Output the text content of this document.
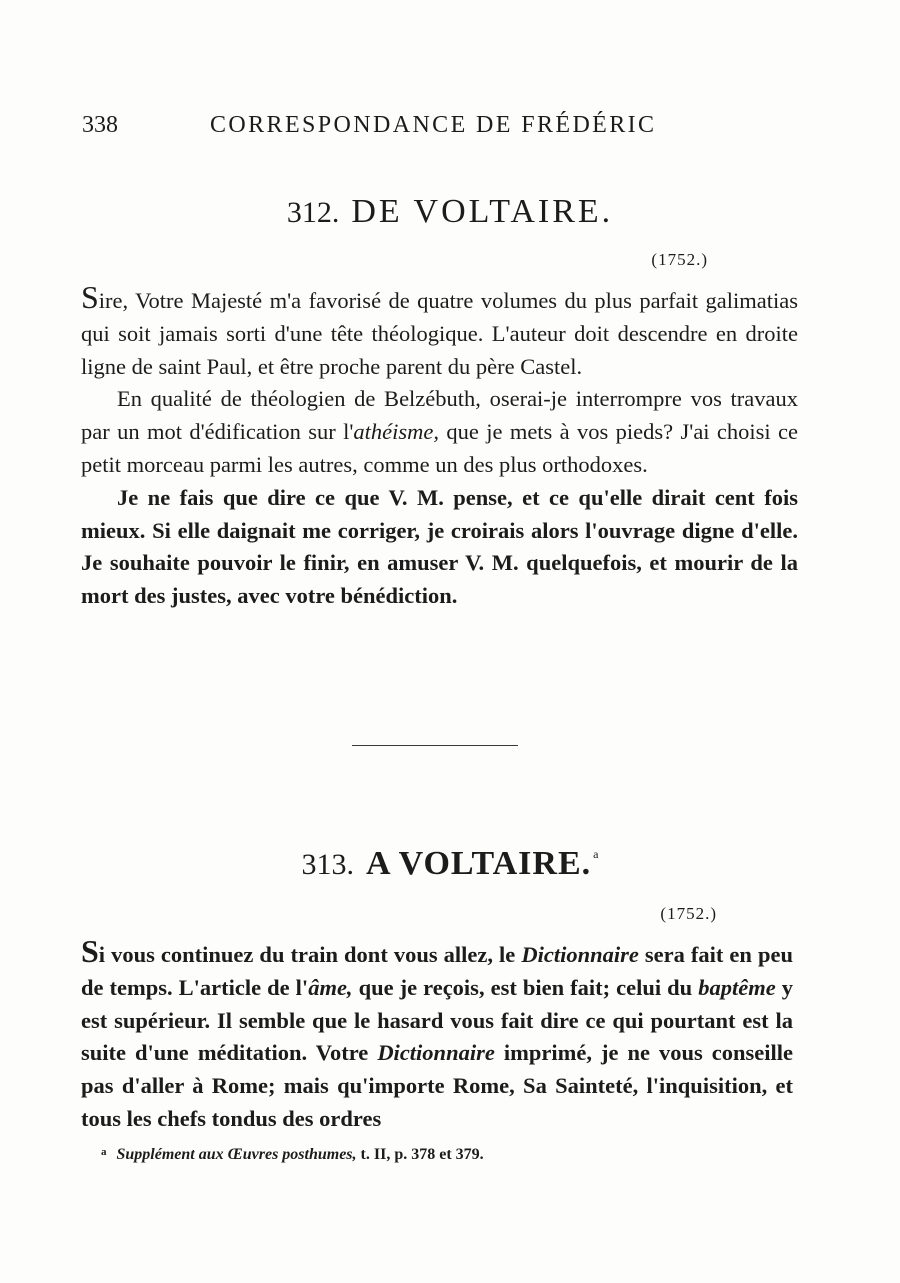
338	CORRESPONDANCE DE FRÉDÉRIC
312. DE VOLTAIRE.
(1752.)

Sire, Votre Majesté m'a favorisé de quatre volumes du plus parfait galimatias qui soit jamais sorti d'une tête théologique. L'auteur doit descendre en droite ligne de saint Paul, et être proche parent du père Castel.

En qualité de théologien de Belzébuth, oserai-je interrompre vos travaux par un mot d'édification sur l'athéisme, que je mets à vos pieds? J'ai choisi ce petit morceau parmi les autres, comme un des plus orthodoxes.

Je ne fais que dire ce que V. M. pense, et ce qu'elle dirait cent fois mieux. Si elle daignait me corriger, je croirais alors l'ouvrage digne d'elle. Je souhaite pouvoir le finir, en amuser V. M. quelquefois, et mourir de la mort des justes, avec votre bénédiction.

313. A VOLTAIRE. $^a$
(1752.)

Si vous continuez du train dont vous allez, le Dictionnaire sera fait en peu de temps. L'article de l'âme, que je reçois, est bien fait; celui du baptême y est supérieur. Il semble que le hasard vous fait dire ce qui pourtant est la suite d'une méditation. Votre Dictionnaire imprimé, je ne vous conseille pas d'aller à Rome; mais qu'importe Rome, Sa Sainteté, l'inquisition, et tous les chefs tondus des ordres

$^a$ Supplément aux Œuvres posthumes, t. II, p. 378 et 379.
